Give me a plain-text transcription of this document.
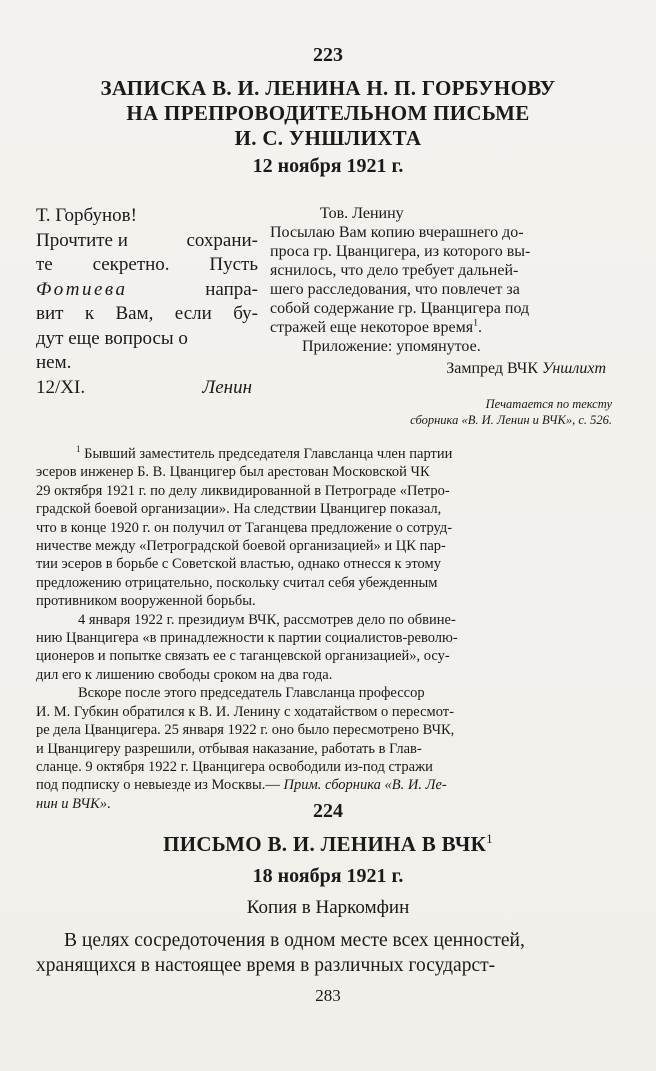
223
ЗАПИСКА В. И. ЛЕНИНА Н. П. ГОРБУНОВУ
НА ПРЕПРОВОДИТЕЛЬНОМ ПИСЬМЕ
И. С. УНШЛИХТА
12 ноября 1921 г.
Т. Горбунов!
Прочтите и	сохрани-
те секретно. Пусть
Фотиева	напра-
вит к Вам, если бу-
дут еще вопросы о
нем.
12/XI.	Ленин
Тов. Ленину
Посылаю Вам копию вчерашнего до-
проса гр. Цванцигера, из которого вы-
яснилось, что дело требует дальней-
шего расследования, что повлечет за
собой содержание гр. Цванцигера под
стражей еще некоторое время$^1$.
Приложение: упомянутое.
Зампред ВЧК Уншлихт
Печатается по тексту
сборника «В. И. Ленин и ВЧК», с. 526.
$^1$ Бывший заместитель председателя Главсланца член партии
эсеров инженер Б. В. Цванцигер был арестован Московской ЧК
29 октября 1921 г. по делу ликвидированной в Петрограде «Петро-
градской боевой организации». На следствии Цванцигер показал,
что в конце 1920 г. он получил от Таганцева предложение о сотруд-
ничестве между «Петроградской боевой организацией» и ЦК пар-
тии эсеров в борьбе с Советской властью, однако отнесся к этому
предложению отрицательно, поскольку считал себя убежденным
противником вооруженной борьбы.
4 января 1922 г. президиум ВЧК, рассмотрев дело по обвине-
нию Цванцигера «в принадлежности к партии социалистов-револю-
ционеров и попытке связать ее с таганцевской организацией», осу-
дил его к лишению свободы сроком на два года.
Вскоре после этого председатель Главсланца профессор
И. М. Губкин обратился к В. И. Ленину с ходатайством о пересмот-
ре дела Цванцигера. 25 января 1922 г. оно было пересмотрено ВЧК,
и Цванцигеру разрешили, отбывая наказание, работать в Глав-
сланце. 9 октября 1922 г. Цванцигера освободили из-под стражи
под подписку о невыезде из Москвы.— Прим. сборника «В. И. Ле-
нин и ВЧК».	224
ПИСЬМО В. И. ЛЕНИНА В ВЧК$^1$
18 ноября 1921 г.
Копия в Наркомфин
В целях сосредоточения в одном месте всех ценностей,
хранящихся в настоящее время в различных государст-
283
